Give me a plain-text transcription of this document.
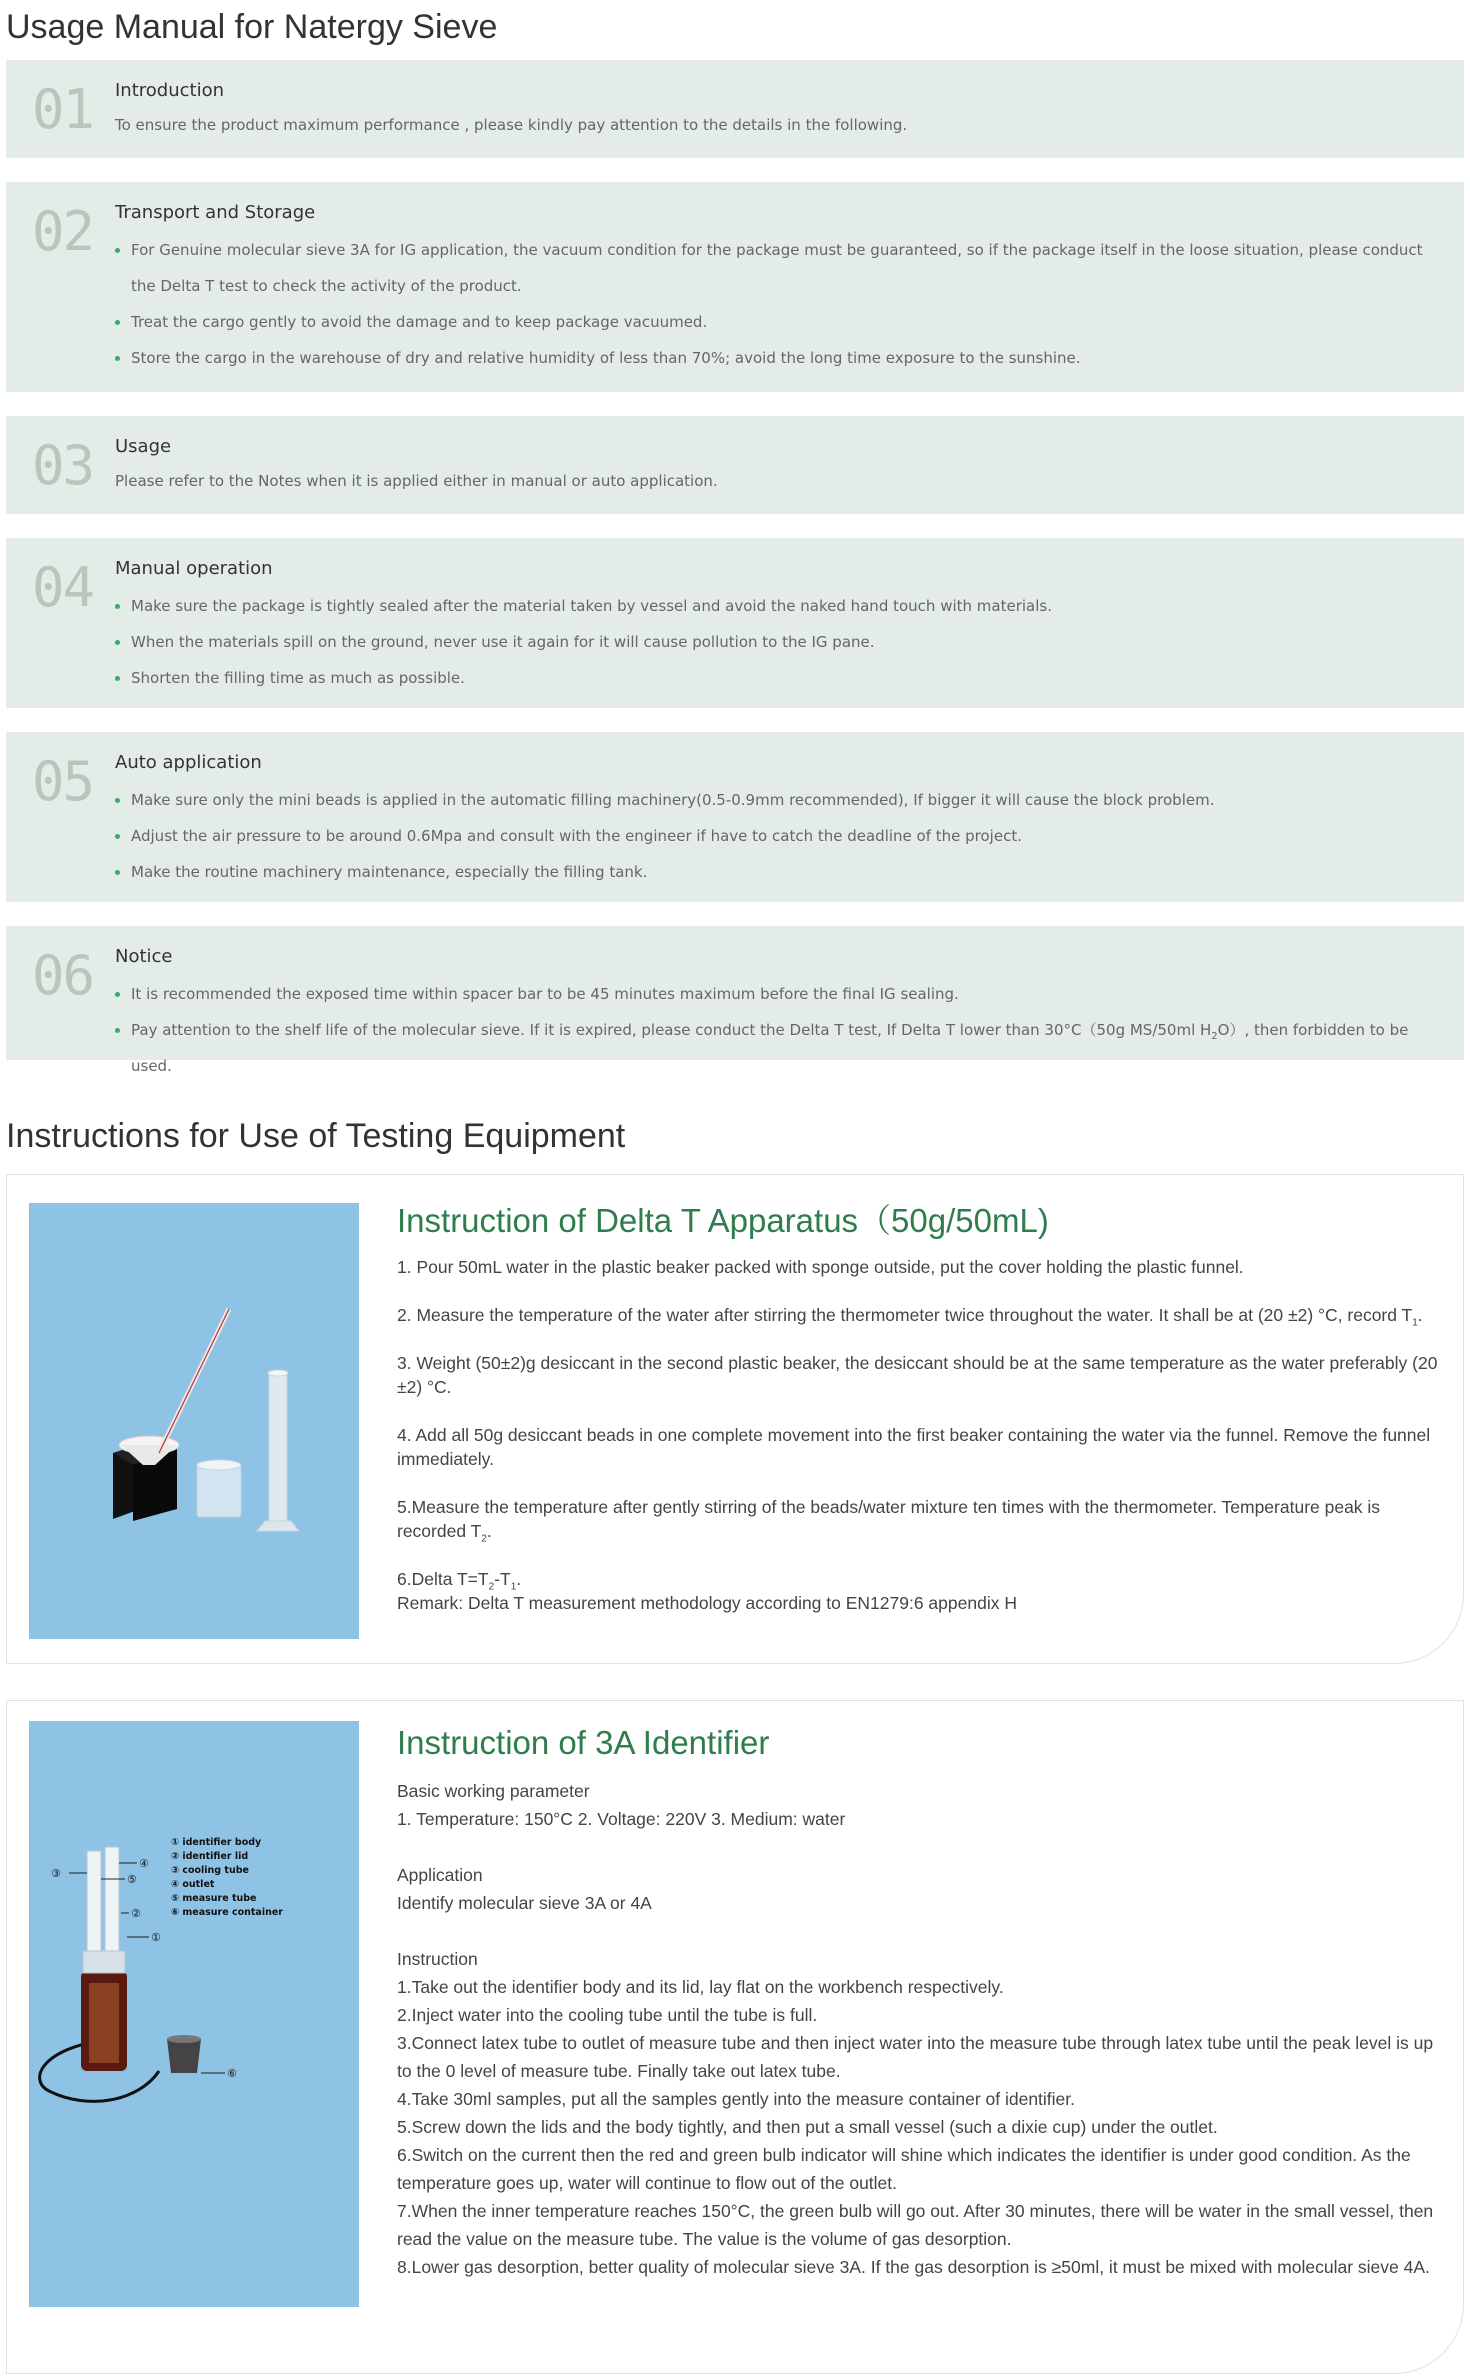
Usage Manual for Natergy Sieve
01 Introduction
To ensure the product maximum performance , please kindly pay attention to the details in the following.
02 Transport and Storage
For Genuine molecular sieve 3A for IG application, the vacuum condition for the package must be guaranteed, so if the package itself in the loose situation, please conduct the Delta T test to check the activity of the product.
Treat the cargo gently to avoid the damage and to keep package vacuumed.
Store the cargo in the warehouse of dry and relative humidity of less than 70%; avoid the long time exposure to the sunshine.
03 Usage
Please refer to the Notes when it is applied either in manual or auto application.
04 Manual operation
Make sure the package is tightly sealed after the material taken by vessel and avoid the naked hand touch with materials.
When the materials spill on the ground, never use it again for it will cause pollution to the IG pane.
Shorten the filling time as much as possible.
05 Auto application
Make sure only the mini beads is applied in the automatic filling machinery(0.5-0.9mm recommended), If bigger it will cause the block problem.
Adjust the air pressure to be around 0.6Mpa and consult with the engineer if have to catch the deadline of the project.
Make the routine machinery maintenance, especially the filling tank.
06 Notice
It is recommended the exposed time within spacer bar to be 45 minutes maximum before the final IG sealing.
Pay attention to the shelf life of the molecular sieve. If it is expired, please conduct the Delta T test, If Delta T lower than 30°C（50g MS/50ml $H_2O$）, then forbidden to be used.
Instructions for Use of Testing Equipment
Instruction of Delta T Apparatus（50g/50mL)
1. Pour 50mL water in the plastic beaker packed with sponge outside, put the cover holding the plastic funnel.
2. Measure the temperature of the water after stirring the thermometer twice throughout the water. It shall be at (20 ±2) °C, record $T_1$.
3. Weight (50±2)g desiccant in the second plastic beaker, the desiccant should be at the same temperature as the water preferably (20 ±2) °C.
4. Add all 50g desiccant beads in one complete movement into the first beaker containing the water via the funnel. Remove the funnel immediately.
5.Measure the temperature after gently stirring of the beads/water mixture ten times with the thermometer. Temperature peak is recorded $T_2$.
6.Delta $T=T_2-T_1$.
Remark: Delta T measurement methodology according to EN1279:6 appendix H
③
④
⑤
②
①
⑥
① identifier body
② identifier lid
③ cooling tube
④ outlet
⑤ measure tube
⑥ measure container
Instruction of 3A Identifier
Basic working parameter
1. Temperature: 150°C 2. Voltage: 220V 3. Medium: water
Application
Identify molecular sieve 3A or 4A
Instruction
1.Take out the identifier body and its lid, lay flat on the workbench respectively.
2.Inject water into the cooling tube until the tube is full.
3.Connect latex tube to outlet of measure tube and then inject water into the measure tube through latex tube until the peak level is up to the 0 level of measure tube. Finally take out latex tube.
4.Take 30ml samples, put all the samples gently into the measure container of identifier.
5.Screw down the lids and the body tightly, and then put a small vessel (such a dixie cup) under the outlet.
6.Switch on the current then the red and green bulb indicator will shine which indicates the identifier is under good condition. As the temperature goes up, water will continue to flow out of the outlet.
7.When the inner temperature reaches 150°C, the green bulb will go out. After 30 minutes, there will be water in the small vessel, then read the value on the measure tube. The value is the volume of gas desorption.
8.Lower gas desorption, better quality of molecular sieve 3A. If the gas desorption is ≥50ml, it must be mixed with molecular sieve 4A.
